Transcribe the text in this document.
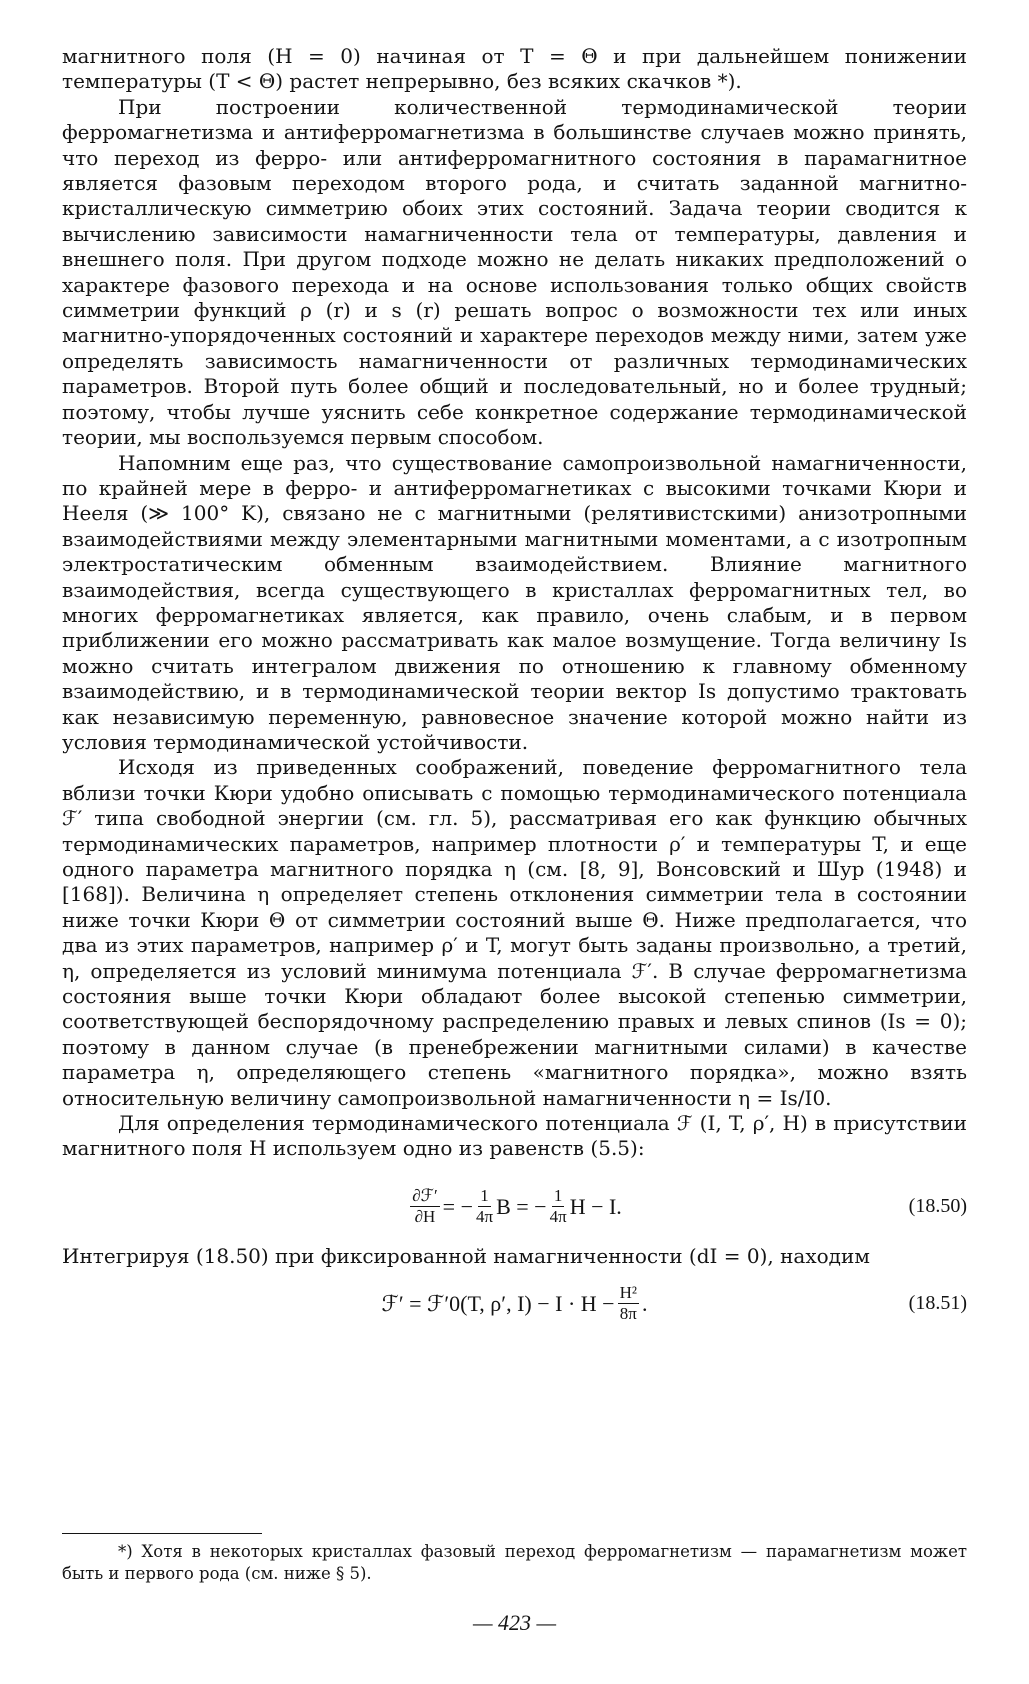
магнитного поля (H = 0) начиная от T = Θ и при дальнейшем понижении температуры (T < Θ) растет непрерывно, без всяких скачков *).

При построении количественной термодинамической теории ферромагнетизма и антиферромагнетизма в большинстве случаев можно принять, что переход из ферро- или антиферромагнитного состояния в парамагнитное является фазовым переходом второго рода, и считать заданной магнитно-кристаллическую симметрию обоих этих состояний. Задача теории сводится к вычислению зависимости намагниченности тела от температуры, давления и внешнего поля. При другом подходе можно не делать никаких предположений о характере фазового перехода и на основе использования только общих свойств симметрии функций ρ (r) и s (r) решать вопрос о возможности тех или иных магнитно-упорядоченных состояний и характере переходов между ними, затем уже определять зависимость намагниченности от различных термодинамических параметров. Второй путь более общий и последовательный, но и более трудный; поэтому, чтобы лучше уяснить себе конкретное содержание термодинамической теории, мы воспользуемся первым способом.

Напомним еще раз, что существование самопроизвольной намагниченности, по крайней мере в ферро- и антиферромагнетиках с высокими точками Кюри и Нееля (≫ 100° K), связано не с магнитными (релятивистскими) анизотропными взаимодействиями между элементарными магнитными моментами, а с изотропным электростатическим обменным взаимодействием. Влияние магнитного взаимодействия, всегда существующего в кристаллах ферромагнитных тел, во многих ферромагнетиках является, как правило, очень слабым, и в первом приближении его можно рассматривать как малое возмущение. Тогда величину Is можно считать интегралом движения по отношению к главному обменному взаимодействию, и в термодинамической теории вектор Is допустимо трактовать как независимую переменную, равновесное значение которой можно найти из условия термодинамической устойчивости.

Исходя из приведенных соображений, поведение ферромагнитного тела вблизи точки Кюри удобно описывать с помощью термодинамического потенциала ℱ′ типа свободной энергии (см. гл. 5), рассматривая его как функцию обычных термодинамических параметров, например плотности ρ′ и температуры T, и еще одного параметра магнитного порядка η (см. [8, 9], Вонсовский и Шур (1948) и [168]). Величина η определяет степень отклонения симметрии тела в состоянии ниже точки Кюри Θ от симметрии состояний выше Θ. Ниже предполагается, что два из этих параметров, например ρ′ и T, могут быть заданы произвольно, а третий, η, определяется из условий минимума потенциала ℱ′. В случае ферромагнетизма состояния выше точки Кюри обладают более высокой степенью симметрии, соответствующей беспорядочному распределению правых и левых спинов (Is = 0); поэтому в данном случае (в пренебрежении магнитными силами) в качестве параметра η, определяющего степень «магнитного порядка», можно взять относительную величину самопроизвольной намагниченности η = Is/I0.

Для определения термодинамического потенциала ℱ (I, T, ρ′, H) в присутствии магнитного поля H используем одно из равенств (5.5):

$\frac{\text{∂ℱ′}}{\partial H}$ = − $\frac{1}{4\pi}$ B = − $\frac{1}{4\pi}$ H − I.	(18.50)

Интегрируя (18.50) при фиксированной намагниченности (dI = 0), находим

ℱ′ = ℱ′0(T, ρ′, $I) - I \cdot H - \frac{\text{H²}}{8\pi}$ .	(18.51)
*) Хотя в некоторых кристаллах фазовый переход ферромагнетизм — парамагнетизм может быть и первого рода (см. ниже § 5).
— 423 —
